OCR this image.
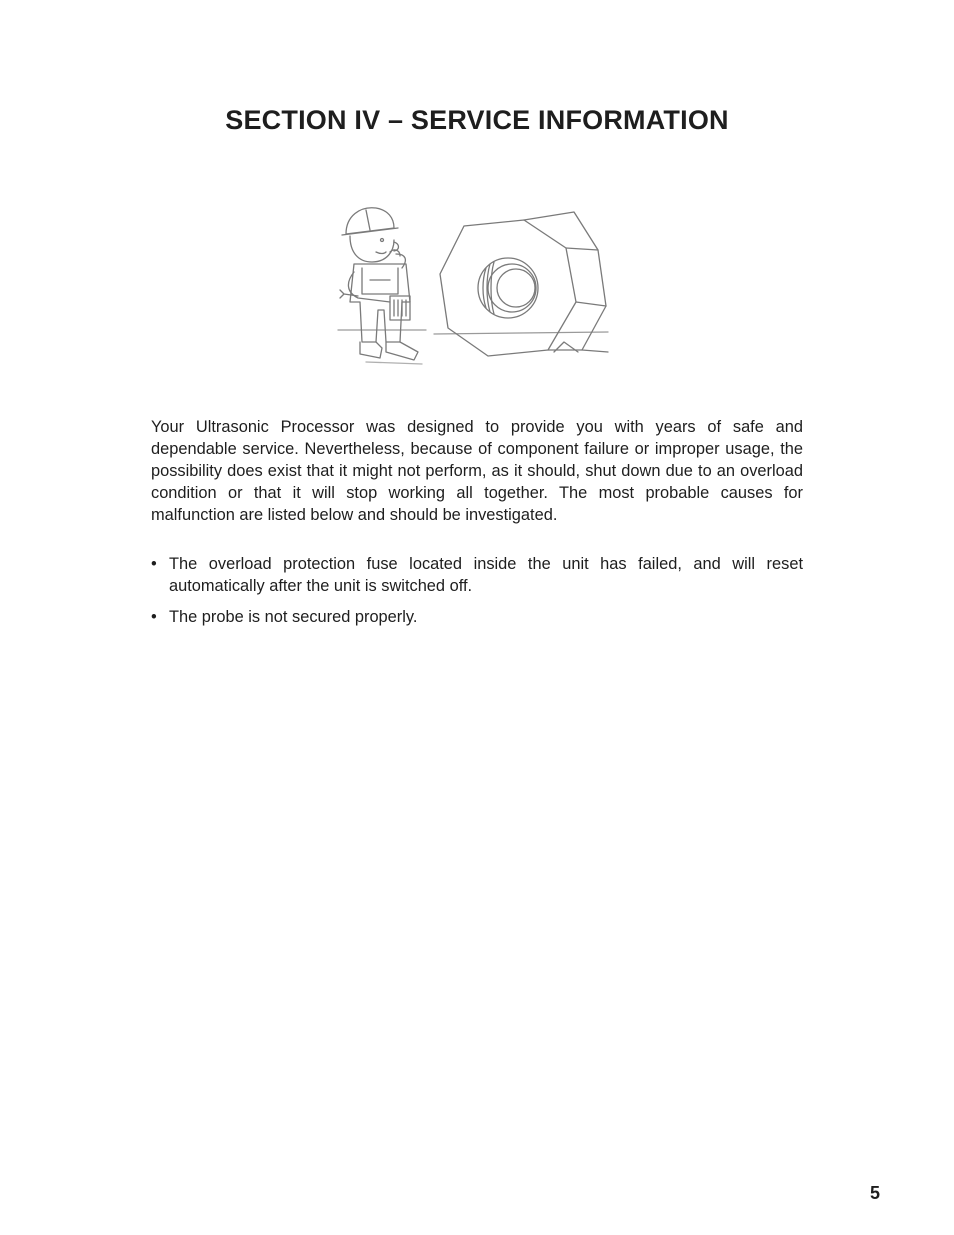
SECTION IV – SERVICE INFORMATION

Your Ultrasonic Processor was designed to provide you with years of safe and dependable service. Nevertheless, because of component failure or improper usage, the possibility does exist that it might not perform, as it should, shut down due to an overload condition or that it will stop working all together. The most probable causes for malfunction are listed below and should be investigated.

• The overload protection fuse located inside the unit has failed, and will reset automatically after the unit is switched off.
• The probe is not secured properly.
5
